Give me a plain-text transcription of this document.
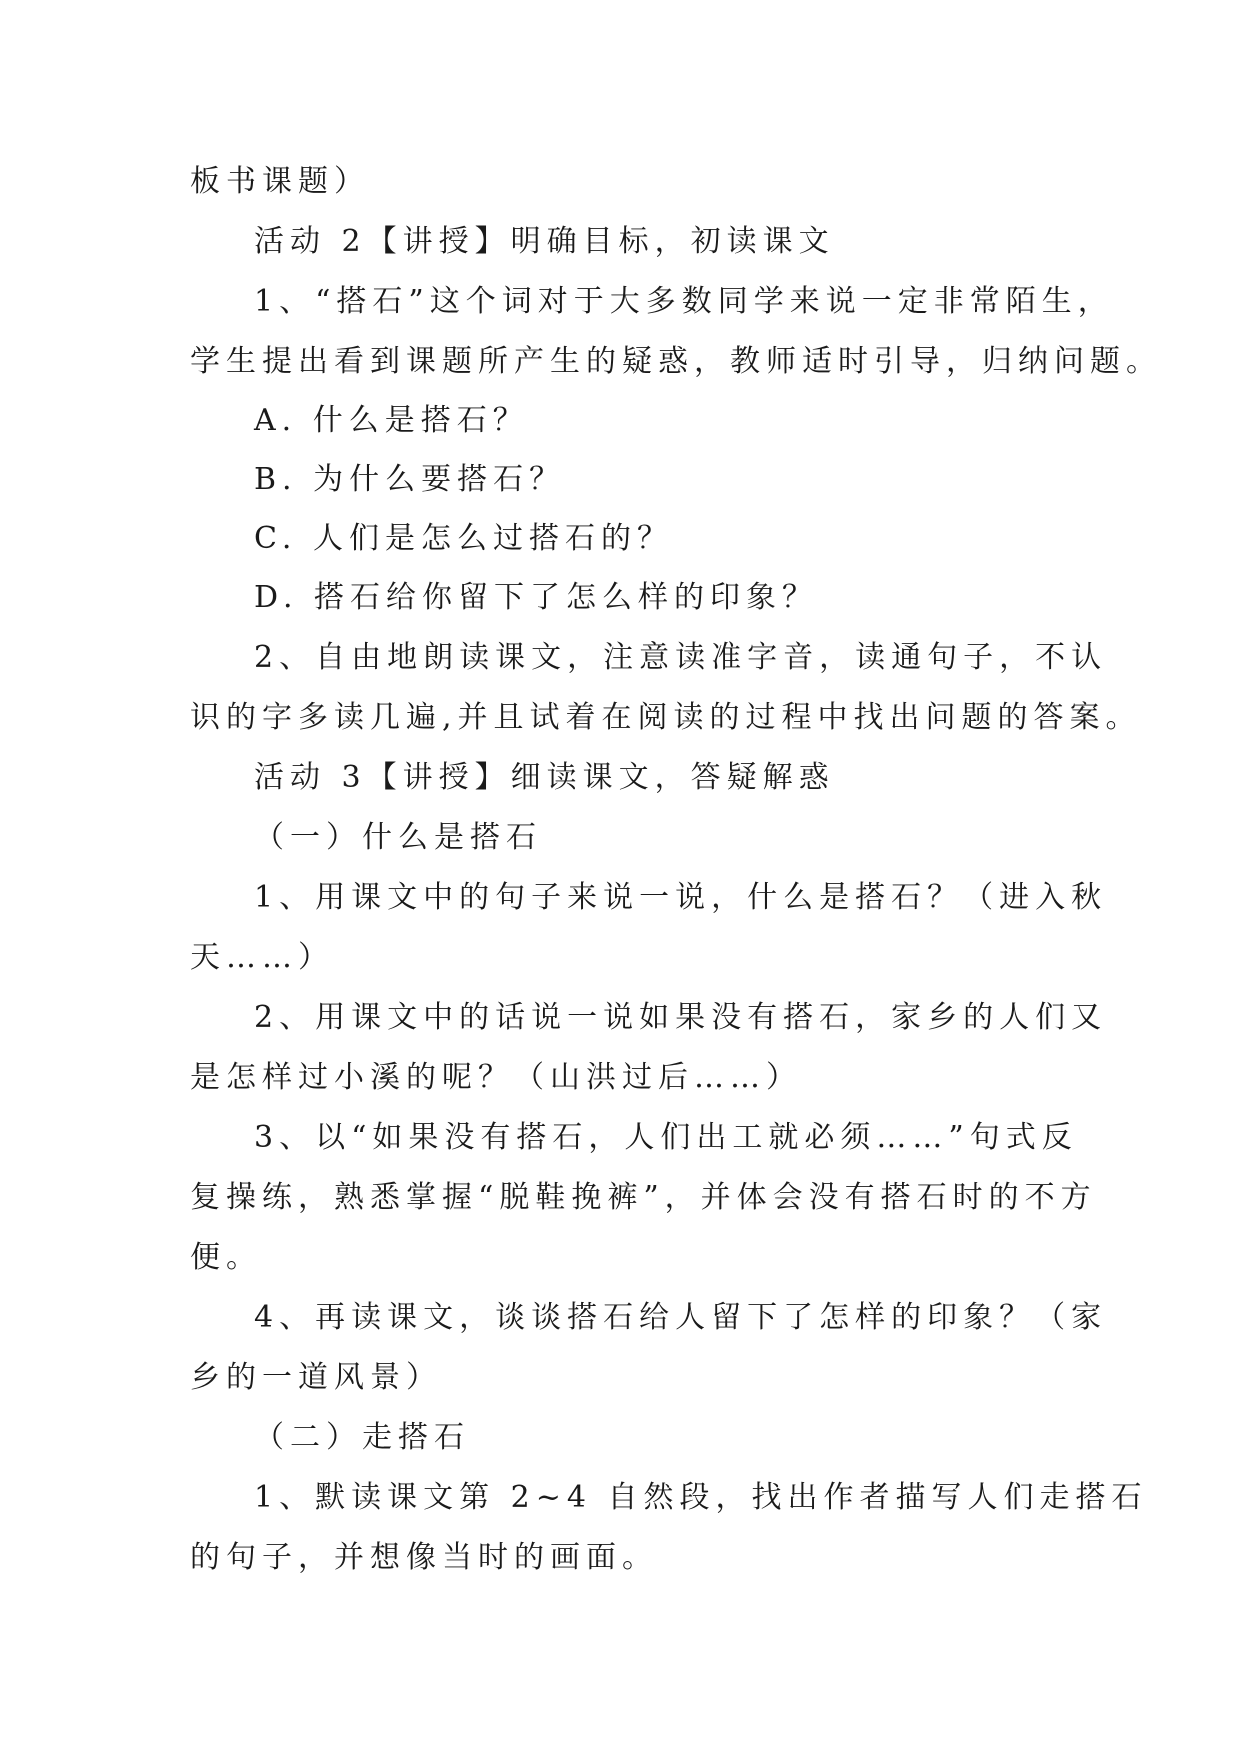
板书课题）
活动 2【讲授】明确目标，初读课文
1、“搭石”这个词对于大多数同学来说一定非常陌生，
学生提出看到课题所产生的疑惑，教师适时引导，归纳问题。
A. 什么是搭石？
B. 为什么要搭石？
C. 人们是怎么过搭石的？
D. 搭石给你留下了怎么样的印象？
2、自由地朗读课文，注意读准字音，读通句子，不认
识的字多读几遍,并且试着在阅读的过程中找出问题的答案。
活动 3【讲授】细读课文，答疑解惑
（一）什么是搭石
1、用课文中的句子来说一说，什么是搭石？（进入秋
天……）
2、用课文中的话说一说如果没有搭石，家乡的人们又
是怎样过小溪的呢？（山洪过后……）
3、以“如果没有搭石，人们出工就必须……”句式反
复操练，熟悉掌握“脱鞋挽裤”，并体会没有搭石时的不方
便。
4、再读课文，谈谈搭石给人留下了怎样的印象？（家
乡的一道风景）
（二）走搭石
1、默读课文第 2~4 自然段，找出作者描写人们走搭石
的句子，并想像当时的画面。
